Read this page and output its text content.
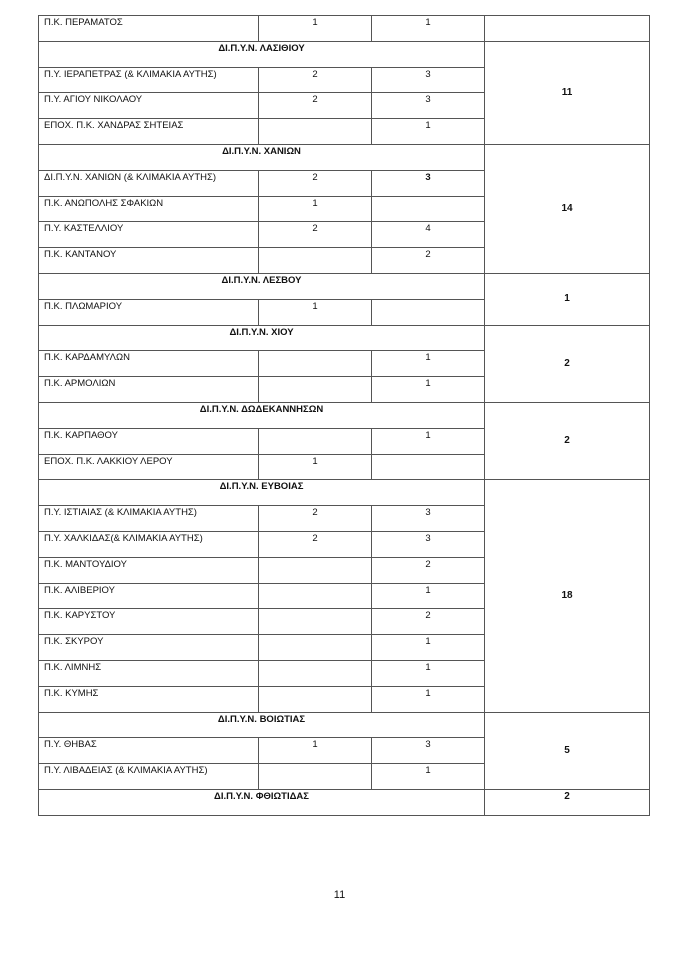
Π.Κ. ΠΕΡΑΜΑΤΟΣ	1	1	
ΔΙ.Π.Υ.Ν. ΛΑΣΙΘΙΟΥ			11
Π.Υ. ΙΕΡΑΠΕΤΡΑΣ (& ΚΛΙΜΑΚΙΑ ΑΥΤΗΣ)	2	3	
Π.Υ. ΑΓΙΟΥ ΝΙΚΟΛΑΟΥ	2	3	
ΕΠΟΧ. Π.Κ. ΧΑΝΔΡΑΣ ΣΗΤΕΙΑΣ		1	
ΔΙ.Π.Υ.Ν. ΧΑΝΙΩΝ			14
ΔΙ.Π.Υ.Ν. ΧΑΝΙΩΝ (& ΚΛΙΜΑΚΙΑ ΑΥΤΗΣ)	2	3	
Π.Κ. ΑΝΩΠΟΛΗΣ ΣΦΑΚΙΩΝ	1		
Π.Υ. ΚΑΣΤΕΛΛΙΟΥ	2	4	
Π.Κ. ΚΑΝΤΑΝΟΥ		2	
ΔΙ.Π.Υ.Ν. ΛΕΣΒΟΥ			1
Π.Κ. ΠΛΩΜΑΡΙΟΥ	1		
ΔΙ.Π.Υ.Ν. ΧΙΟΥ			2
Π.Κ. ΚΑΡΔΑΜΥΛΩΝ		1	
Π.Κ. ΑΡΜΟΛΙΩΝ		1	
ΔΙ.Π.Υ.Ν. ΔΩΔΕΚΑΝΝΗΣΩΝ			2
Π.Κ. ΚΑΡΠΑΘΟΥ		1	
ΕΠΟΧ. Π.Κ. ΛΑΚΚΙΟΥ ΛΕΡΟΥ	1		
ΔΙ.Π.Υ.Ν. ΕΥΒΟΙΑΣ			18
Π.Υ. ΙΣΤΙΑΙΑΣ (& ΚΛΙΜΑΚΙΑ ΑΥΤΗΣ)	2	3	
Π.Υ. ΧΑΛΚΙΔΑΣ(& ΚΛΙΜΑΚΙΑ ΑΥΤΗΣ)	2	3	
Π.Κ. ΜΑΝΤΟΥΔΙΟΥ		2	
Π.Κ. ΑΛΙΒΕΡΙΟΥ		1	
Π.Κ. ΚΑΡΥΣΤΟΥ		2	
Π.Κ. ΣΚΥΡΟΥ		1	
Π.Κ. ΛΙΜΝΗΣ		1	
Π.Κ. ΚΥΜΗΣ		1	
ΔΙ.Π.Υ.Ν. ΒΟΙΩΤΙΑΣ			5
Π.Υ. ΘΗΒΑΣ	1	3	
Π.Υ. ΛΙΒΑΔΕΙΑΣ (& ΚΛΙΜΑΚΙΑ ΑΥΤΗΣ)		1	
ΔΙ.Π.Υ.Ν. ΦΘΙΩΤΙΔΑΣ			2
11
